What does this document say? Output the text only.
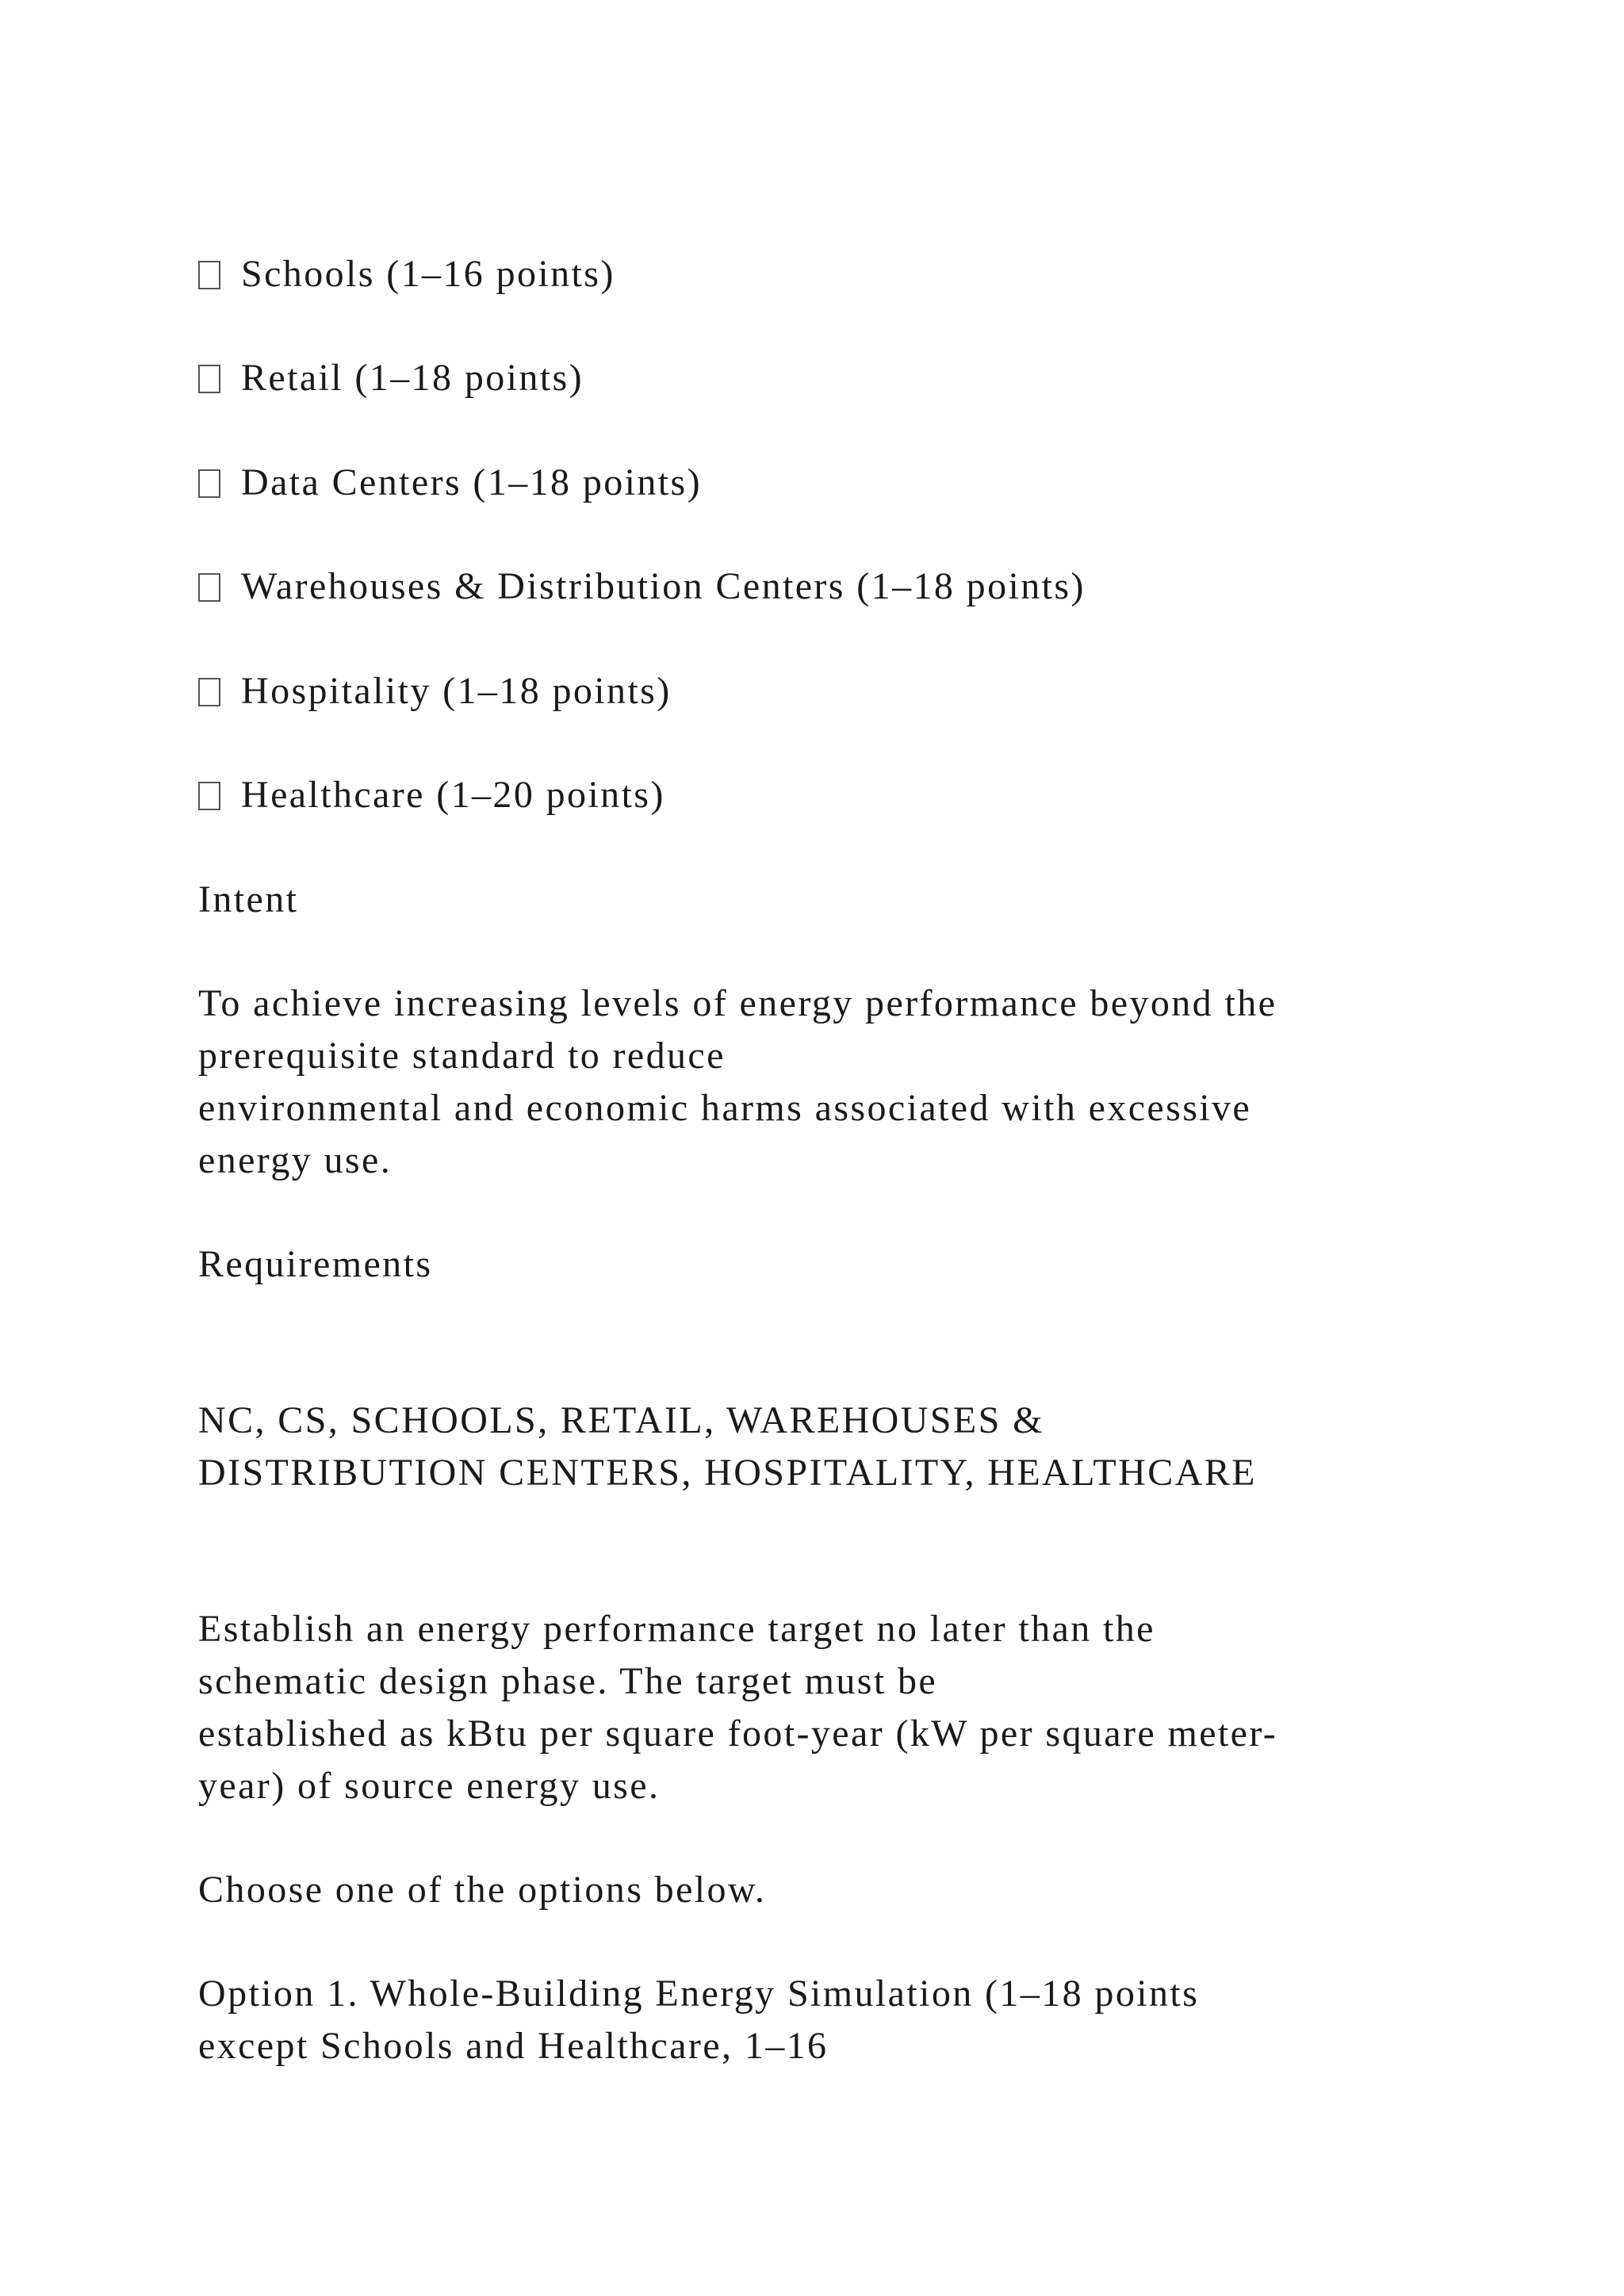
Schools (1–16 points)
Retail (1–18 points)
Data Centers (1–18 points)
Warehouses & Distribution Centers (1–18 points)
Hospitality (1–18 points)
Healthcare (1–20 points)
Intent
To achieve increasing levels of energy performance beyond the
prerequisite standard to reduce
environmental and economic harms associated with excessive
energy use.
Requirements
NC, CS, SCHOOLS, RETAIL, WAREHOUSES &
DISTRIBUTION CENTERS, HOSPITALITY, HEALTHCARE
Establish an energy performance target no later than the
schematic design phase. The target must be
established as kBtu per square foot-year (kW per square meter-
year) of source energy use.
Choose one of the options below.
Option 1. Whole-Building Energy Simulation (1–18 points
except Schools and Healthcare, 1–16
